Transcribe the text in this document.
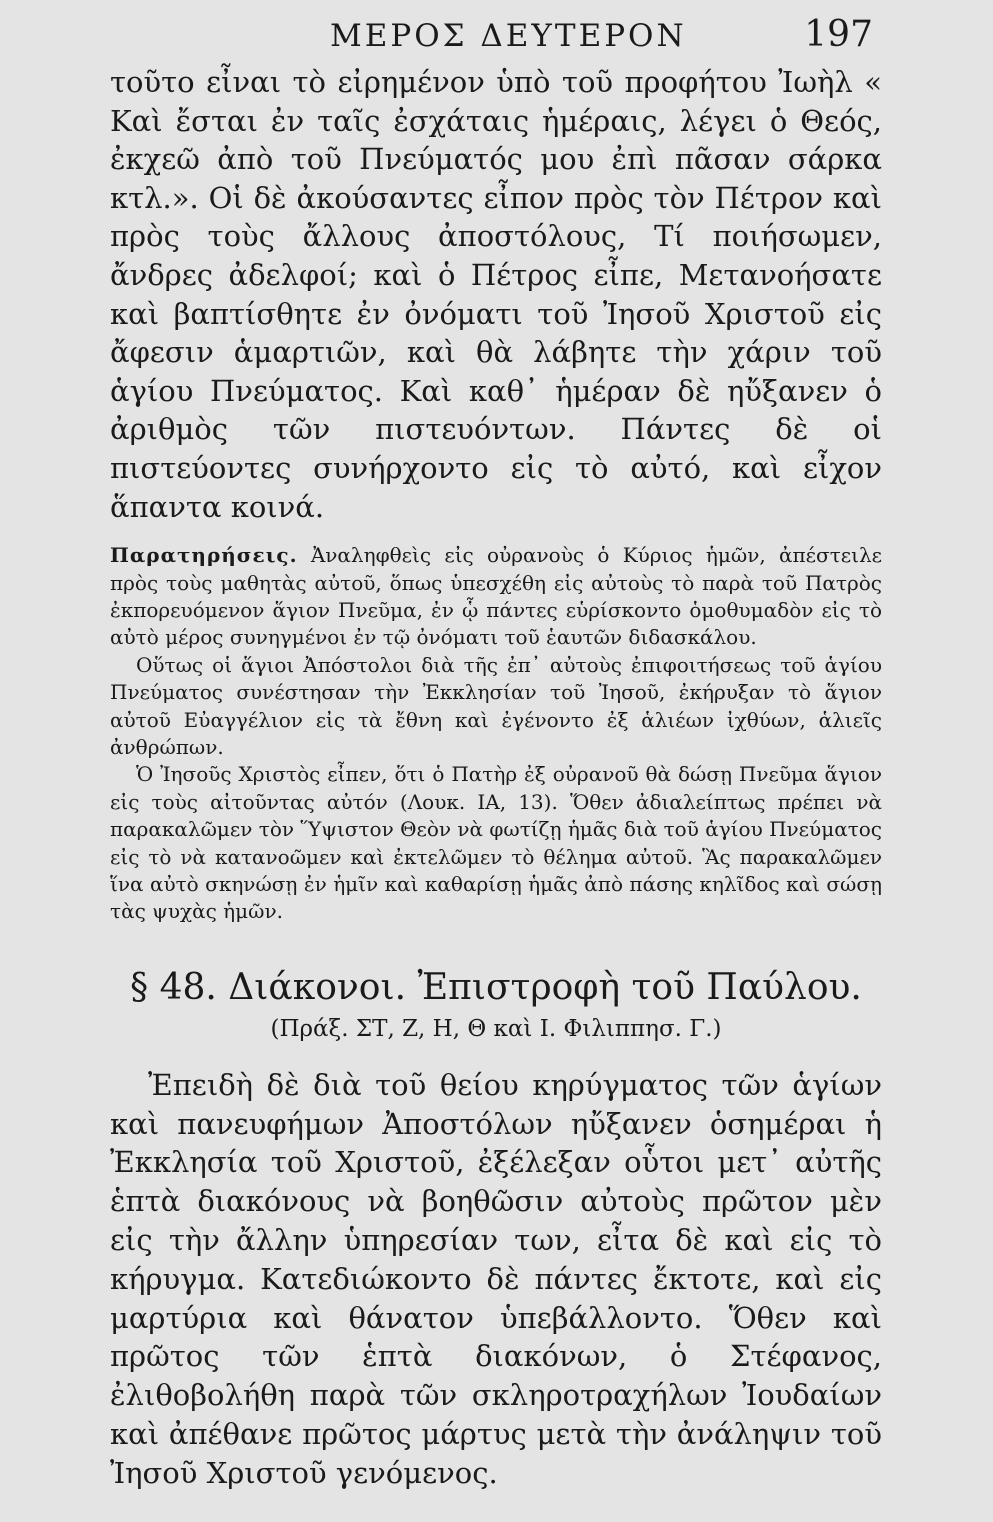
ΜΕΡΟΣ ΔΕΥΤΕΡΟΝ	197

τοῦτο εἶναι τὸ εἰρημένον ὑπὸ τοῦ προφήτου Ἰωὴλ « Καὶ ἔσται ἐν ταῖς ἐσχάταις ἡμέραις, λέγει ὁ Θεός, ἐκχεῶ ἀπὸ τοῦ Πνεύματός μου ἐπὶ πᾶσαν σάρκα κτλ.». Οἱ δὲ ἀκούσαντες εἶπον πρὸς τὸν Πέτρον καὶ πρὸς τοὺς ἄλλους ἀποστόλους, Τί ποιήσωμεν, ἄνδρες ἀδελφοί; καὶ ὁ Πέτρος εἶπε, Μετανοήσατε καὶ βαπτίσθητε ἐν ὀνόματι τοῦ Ἰησοῦ Χριστοῦ εἰς ἄφεσιν ἁμαρτιῶν, καὶ θὰ λάβητε τὴν χάριν τοῦ ἁγίου Πνεύματος. Καὶ καθ᾽ ἡμέραν δὲ ηὔξανεν ὁ ἀριθμὸς τῶν πιστευόντων. Πάντες δὲ οἱ πιστεύοντες συνήρχοντο εἰς τὸ αὐτό, καὶ εἶχον ἅπαντα κοινά.

Παρατηρήσεις. Ἀναληφθεὶς εἰς οὐρανοὺς ὁ Κύριος ἡμῶν, ἀπέστειλε πρὸς τοὺς μαθητὰς αὐτοῦ, ὅπως ὑπεσχέθη εἰς αὐτοὺς τὸ παρὰ τοῦ Πατρὸς ἐκπορευόμενον ἅγιον Πνεῦμα, ἐν ᾧ πάντες εὑρίσκοντο ὁμοθυμαδὸν εἰς τὸ αὐτὸ μέρος συνηγμένοι ἐν τῷ ὀνόματι τοῦ ἑαυτῶν διδασκάλου.

Οὕτως οἱ ἅγιοι Ἀπόστολοι διὰ τῆς ἐπ᾽ αὐτοὺς ἐπιφοιτήσεως τοῦ ἁγίου Πνεύματος συνέστησαν τὴν Ἐκκλησίαν τοῦ Ἰησοῦ, ἐκήρυξαν τὸ ἅγιον αὐτοῦ Εὐαγγέλιον εἰς τὰ ἔθνη καὶ ἐγένοντο ἐξ ἁλιέων ἰχθύων, ἁλιεῖς ἀνθρώπων.

Ὁ Ἰησοῦς Χριστὸς εἶπεν, ὅτι ὁ Πατὴρ ἐξ οὐρανοῦ θὰ δώσῃ Πνεῦμα ἅγιον εἰς τοὺς αἰτοῦντας αὐτόν (Λουκ. ΙΑ, 13). Ὅθεν ἀδιαλείπτως πρέπει νὰ παρακαλῶμεν τὸν Ὕψιστον Θεὸν νὰ φωτίζῃ ἡμᾶς διὰ τοῦ ἁγίου Πνεύματος εἰς τὸ νὰ κατανοῶμεν καὶ ἐκτελῶμεν τὸ θέλημα αὐτοῦ. Ἃς παρακαλῶμεν ἵνα αὐτὸ σκηνώσῃ ἐν ἡμῖν καὶ καθαρίσῃ ἡμᾶς ἀπὸ πάσης κηλῖδος καὶ σώσῃ τὰς ψυχὰς ἡμῶν.

§ 48. Διάκονοι. Ἐπιστροφὴ τοῦ Παύλου.
(Πράξ. ΣΤ, Ζ, Η, Θ καὶ Ι. Φιλιππησ. Γ.)

Ἐπειδὴ δὲ διὰ τοῦ θείου κηρύγματος τῶν ἁγίων καὶ πανευφήμων Ἀποστόλων ηὔξανεν ὁσημέραι ἡ Ἐκκλησία τοῦ Χριστοῦ, ἐξέλεξαν οὗτοι μετ᾽ αὐτῆς ἑπτὰ διακόνους νὰ βοηθῶσιν αὐτοὺς πρῶτον μὲν εἰς τὴν ἄλλην ὑπηρεσίαν των, εἶτα δὲ καὶ εἰς τὸ κήρυγμα. Κατεδιώκοντο δὲ πάντες ἔκτοτε, καὶ εἰς μαρτύρια καὶ θάνατον ὑπεβάλλοντο. Ὅθεν καὶ πρῶτος τῶν ἑπτὰ διακόνων, ὁ Στέφανος, ἐλιθοβολήθη παρὰ τῶν σκληροτραχήλων Ἰουδαίων καὶ ἀπέθανε πρῶτος μάρτυς μετὰ τὴν ἀνάληψιν τοῦ Ἰησοῦ Χριστοῦ γενόμενος.
